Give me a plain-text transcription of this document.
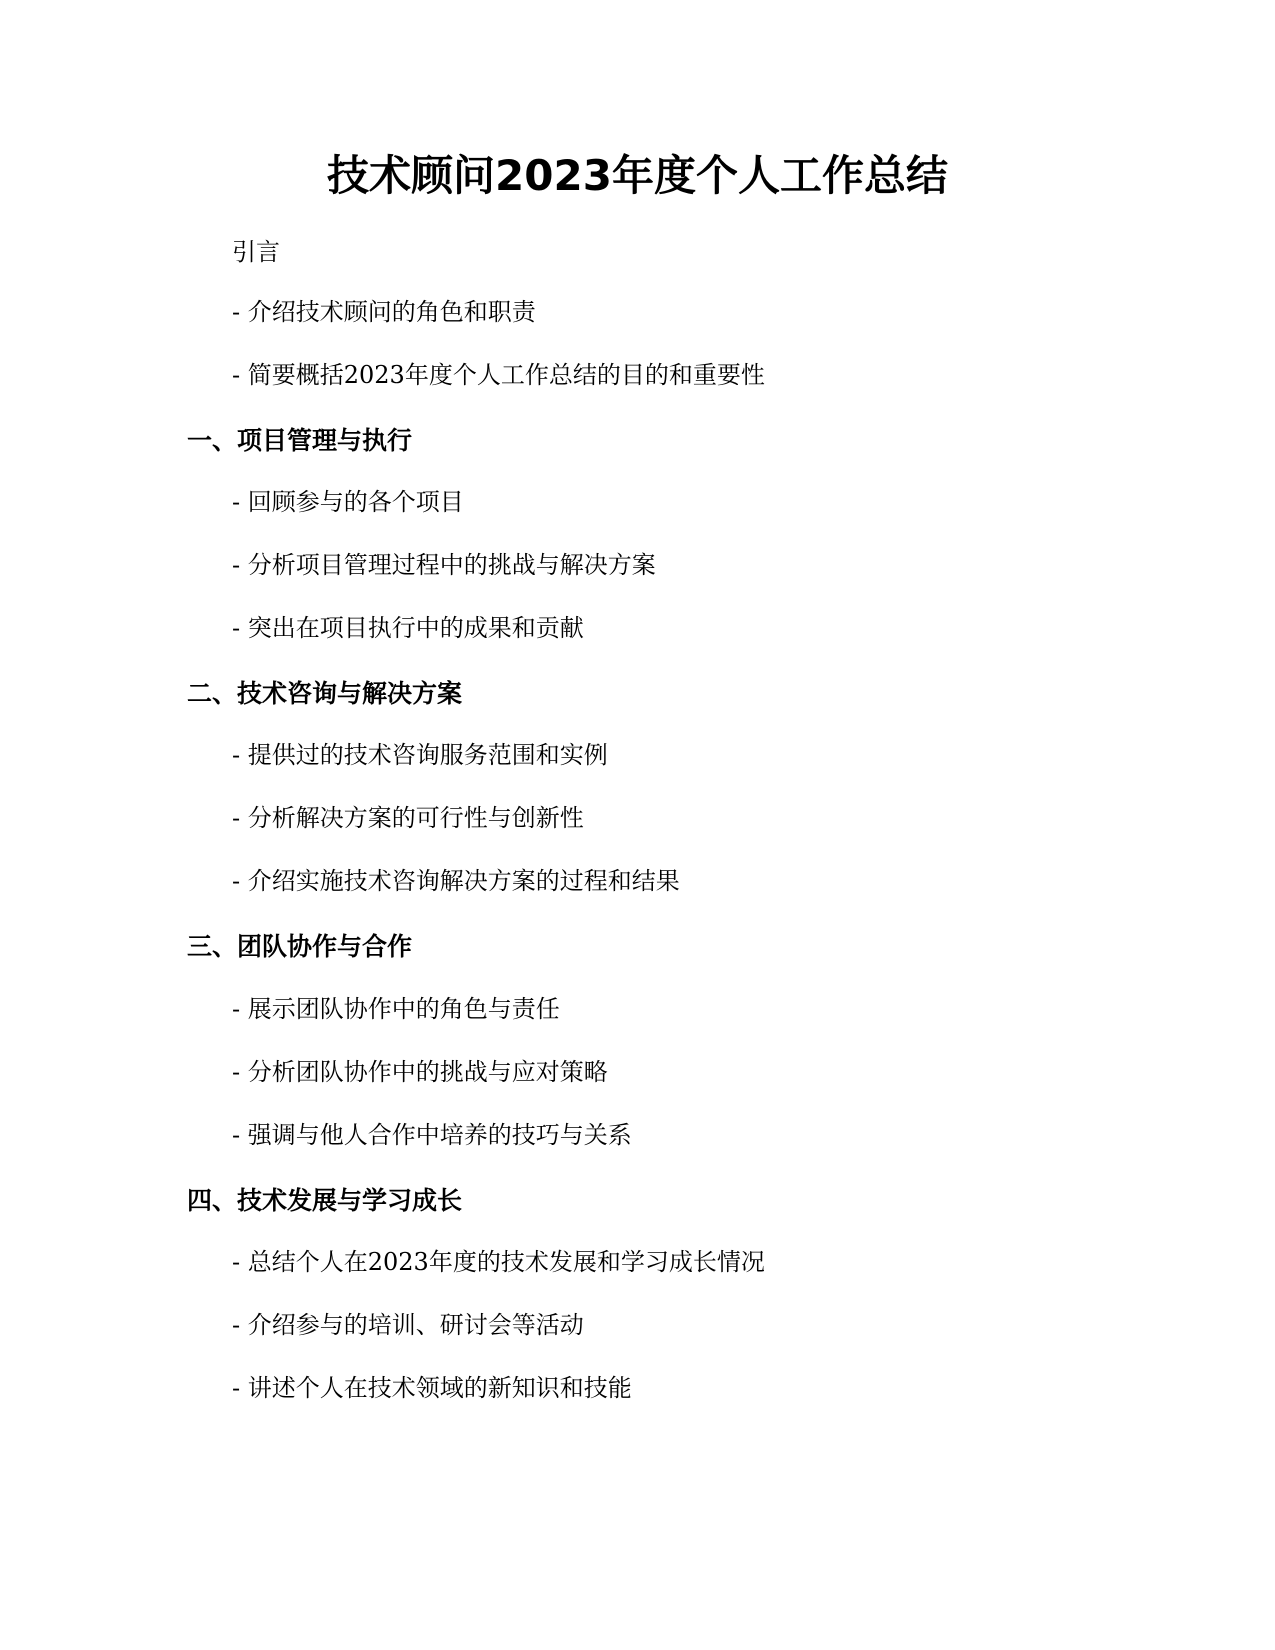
技术顾问2023年度个人工作总结

引言

- 介绍技术顾问的角色和职责

- 简要概括2023年度个人工作总结的目的和重要性

一、项目管理与执行

- 回顾参与的各个项目

- 分析项目管理过程中的挑战与解决方案

- 突出在项目执行中的成果和贡献

二、技术咨询与解决方案

- 提供过的技术咨询服务范围和实例

- 分析解决方案的可行性与创新性

- 介绍实施技术咨询解决方案的过程和结果

三、团队协作与合作

- 展示团队协作中的角色与责任

- 分析团队协作中的挑战与应对策略

- 强调与他人合作中培养的技巧与关系

四、技术发展与学习成长

- 总结个人在2023年度的技术发展和学习成长情况

- 介绍参与的培训、研讨会等活动

- 讲述个人在技术领域的新知识和技能
